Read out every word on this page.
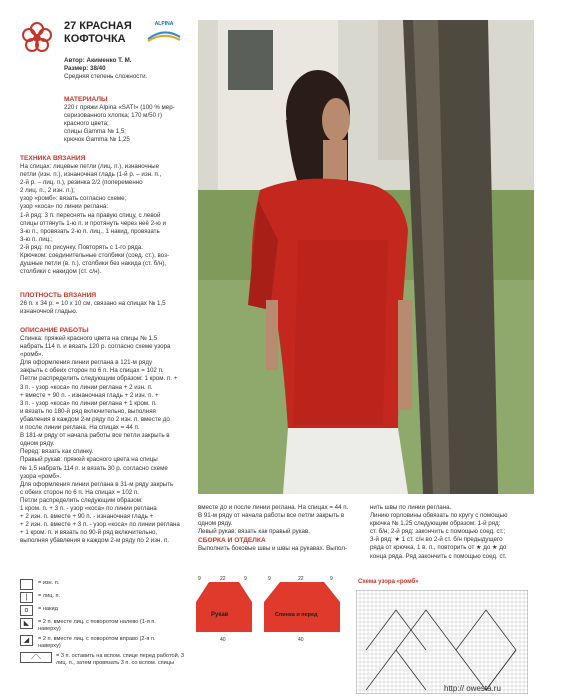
27 КРАСНАЯ
КОФТОЧКА
ALPINA
Автор: Акименко Т. М.
Размер: 38/40
Средняя степень сложности.
МАТЕРИАЛЫ
220 г пряжи Alpina «SATI» (100 % мер-
серизованного хлопка; 170 м/50 г)
красного цвета;
спицы Gamma № 1,5;
крючок Gamma № 1,25
ТЕХНИКА ВЯЗАНИЯ
На спицах: лицевые петли (лиц. п.), изнаночные
петли (изн. п.), изнаночная гладь (1-й р. – изн. п.,
2-й р. – лиц. п.), резинка 2/2 (попеременно
2 лиц. п., 2 изн. п.);
узор «ромб»: вязать согласно схеме;
узор «коса» по линии реглана:
1-й ряд: 3 п. переснять на правую спицу, с левой
спицы оттянуть 1-ю п. и протянуть через неё 2-ю и
3-ю п., провязать 2-ю п. лиц., 1 накид, провязать
3-ю п. лиц.;
2-й ряд: по рисунку. Повторять с 1-го ряда.
Крючком: соединительные столбики (соед. ст.), воз-
душные петли (в. п.), столбики без накида (ст. б/н),
столбики с накидом (ст. с/н).
ПЛОТНОСТЬ ВЯЗАНИЯ
26 п. х 34 р. = 10 х 10 см, связано на спицах № 1,5
изнаночной гладью.
ОПИСАНИЕ РАБОТЫ
Спинка: пряжей красного цвета на спицы № 1,5
набрать 114 п. и вязать 120 р. согласно схеме узора
«ромб».
Для оформления линии реглана в 121-м ряду
закрыть с обеих сторон по 6 п. На спицах = 102 п.
Петли распределить следующим образом: 1 кром. п. +
3 п. - узор «коса» по линии реглана + 2 изн. п.
+ вместе + 90 п. - изнаночная гладь + 2 изн. п. +
3 п. - узор «коса» по линии реглана + 1 кром. п.
и вязать по 180-й ряд включительно, выполняя
убавления в каждом 2-м ряду по 2 изн. п. вместе до
и после линии реглана. На спицах = 44 п.
В 181-м ряду от начала работы все петли закрыть в
одном ряду.
Перед: вязать как спинку.
Правый рукав: пряжей красного цвета на спицы
№ 1,5 набрать 114 п. и вязать 30 р. согласно схеме
узора «ромб».
Для оформления линии реглана в 31-м ряду закрыть
с обеих сторон по 6 п. На спицах = 102 п.
Петли распределить следующим образом:
1 кром. п. + 3 п. - узор «коса» по линии реглана
+ 2 изн. п. вместе + 90 п. - изнаночная гладь +
+ 2 изн. п. вместе + 3 п. - узор «коса» по линии реглана
+ 1 кром. п. и вязать по 90-й ряд включительно,
выполняя убавления в каждом 2-м ряду по 2 изн. п.
вместе до и после линии реглана. На спицах = 44 п.
В 91-м ряду от начала работы все петли закрыть в
одном ряду.
Левый рукав: вязать как правый рукав.
СБОРКА И ОТДЕЛКА
Выполнить боковые швы и швы на рукавах. Выпол-
нить швы по линии реглана.
Линию горловины обвязать по кругу с помощью
крючка № 1,25 следующим образом: 1-й ряд:
ст. б/н; 2-й ряд: закончить с помощью соед. ст.;
3-й ряд: ★ 1 ст. с/н во 2-й ст. б/н предыдущего
ряда от крючка, 1 в. п., повторить от ★ до ★ до
конца ряда. Ряд закончить с помощью соед. ст.
= изн. п.
|	= лиц. п.
o	= накид
◣	= 2 п. вместе лиц. с поворотом налево (1-я п. наверху)
◢	= 2 п. вместе лиц. с поворотом вправо (2-я п. наверху)
⟋⟍	= 3 п. оставить на вспом. спице перед работой, 3 лиц. п., затем провязать 3 п. со вспом. спицы
9	22	9
Рукав
40
9	22	9
Спинка и перед
40
Схема узора «ромб»
http:// owesta.ru
